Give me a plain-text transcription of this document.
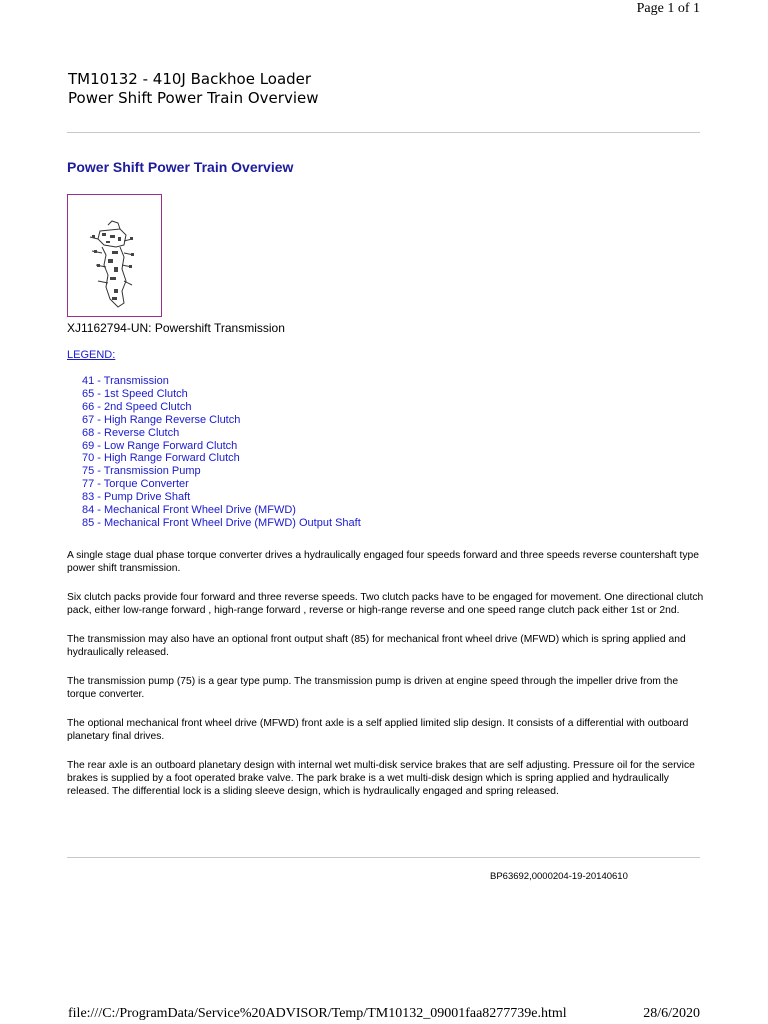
Page 1 of 1
TM10132 - 410J Backhoe Loader
Power Shift Power Train Overview
Power Shift Power Train Overview
XJ1162794-UN: Powershift Transmission
LEGEND:
41 - Transmission
65 - 1st Speed Clutch
66 - 2nd Speed Clutch
67 - High Range Reverse Clutch
68 - Reverse Clutch
69 - Low Range Forward Clutch
70 - High Range Forward Clutch
75 - Transmission Pump
77 - Torque Converter
83 - Pump Drive Shaft
84 - Mechanical Front Wheel Drive (MFWD)
85 - Mechanical Front Wheel Drive (MFWD) Output Shaft

A single stage dual phase torque converter drives a hydraulically engaged four speeds forward and three speeds reverse countershaft type power shift transmission.

Six clutch packs provide four forward and three reverse speeds. Two clutch packs have to be engaged for movement. One directional clutch pack, either low-range forward , high-range forward , reverse or high-range reverse and one speed range clutch pack either 1st or 2nd.

The transmission may also have an optional front output shaft (85) for mechanical front wheel drive (MFWD) which is spring applied and hydraulically released.

The transmission pump (75) is a gear type pump. The transmission pump is driven at engine speed through the impeller drive from the torque converter.

The optional mechanical front wheel drive (MFWD) front axle is a self applied limited slip design. It consists of a differential with outboard planetary final drives.

The rear axle is an outboard planetary design with internal wet multi-disk service brakes that are self adjusting. Pressure oil for the service brakes is supplied by a foot operated brake valve. The park brake is a wet multi-disk design which is spring applied and hydraulically released. The differential lock is a sliding sleeve design, which is hydraulically engaged and spring released.

BP63692,0000204-19-20140610
file:///C:/ProgramData/Service%20ADVISOR/Temp/TM10132_09001faa8277739e.html	28/6/2020
